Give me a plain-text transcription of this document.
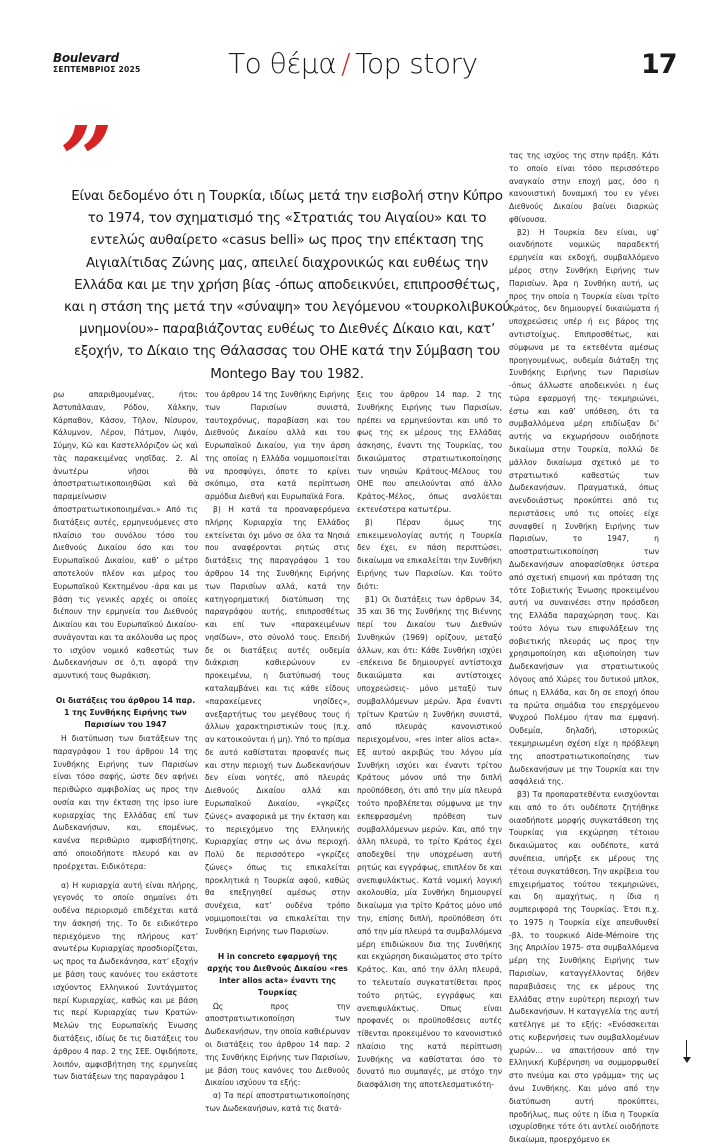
Boulevard
ΣΕΠΤΕΜΒΡΙΟΣ 2025	Το θέμα / Top story	17
”
Είναι δεδομένο ότι η Τουρκία, ιδίως μετά την εισβολή στην Κύπρο το 1974, τον σχηματισμό της «Στρατιάς του Αιγαίου» και το εντελώς αυθαίρετο «casus belli» ως προς την επέκταση της Αιγιαλίτιδας Ζώνης μας, απειλεί διαχρονικώς και ευθέως την Ελλάδα και με την χρήση βίας -όπως αποδεικνύει, επιπροσθέτως, και η στάση της μετά την «σύναψη» του λεγόμενου «τουρκολιβυκού μνημονίου»- παραβιάζοντας ευθέως το Διεθνές Δίκαιο και, κατ’ εξοχήν, το Δίκαιο της Θάλασσας του ΟΗΕ κατά την Σύμβαση του Montego Bay του 1982.

ρω απαριθμουμένας, ήτοι: Άστυπάλαιαν, Ρόδον, Χάλκην, Κάρπαθον, Κάσον, Τῆλον, Νίσυρον, Κάλυμνον, Λέρον, Πάτμον, Λιψόν, Σύμην, Κῶ και Καστελλόριζον ὡς καὶ τὰς παρακειμένας νησῖδας. 2. Αἱ ἀνωτέρω νῆσοι θὰ ἀποστρατιωτικοποιηθῶσι καὶ θὰ παραμείνωσιν ἀποστρατιωτικοποιημέναι.» Από τις διατάξεις αυτές, ερμηνευόμενες στο πλαίσιο του συνόλου τόσο του Διεθνούς Δικαίου όσο και του Ευρωπαϊκού Δικαίου, καθ’ ο μέτρο αποτελούν πλέον και μέρος του Ευρωπαϊκού Κεκτημένου -άρα και με βάση τις γενικές αρχές οι οποίες διέπουν την ερμηνεία του Διεθνούς Δικαίου και του Ευρωπαϊκού Δικαίου- συνάγονται και τα ακόλουθα ως προς το ισχύον νομικό καθεστώς των Δωδεκανήσων σε ό,τι αφορά την αμυντική τους θωράκιση.

Οι διατάξεις του άρθρου 14 παρ. 1 της Συνθήκης Ειρήνης των Παρισίων του 1947

Η διατύπωση των διατάξεων της παραγράφου 1 του άρθρου 14 της Συνθήκης Ειρήνης των Παρισίων είναι τόσο σαφής, ώστε δεν αφήνει περιθώριο αμφιβολίας ως προς την ουσία και την έκταση της ipso iure κυριαρχίας της Ελλάδας επί των Δωδεκανήσων, και, επομένως, κανένα περιθώριο αμφισβήτησης, από οποιοδήποτε πλευρό και αν προέρχεται. Ειδικότερα:

α) Η κυριαρχία αυτή είναι πλήρης, γεγονός το οποίο σημαίνει ότι ουδένα περιορισμό επιδέχεται κατά την άσκησή της. Το δε ειδικότερο περιεχόμενο της πλήρους κατ’ ανωτέρω Κυριαρχίας προσδιορίζεται, ως προς τα Δωδεκάνησα, κατ’ εξοχήν με βάση τους κανόνες του εκάστοτε ισχύοντος Ελληνικού Συντάγματος περί Κυριαρχίας, καθώς και με βάση τις περί Κυριαρχίας των Κρατών-Μελών της Ευρωπαϊκής Ένωσης διατάξεις, ιδίως δε τις διατάξεις του άρθρου 4 παρ. 2 της ΣΕΕ. Οψιδήποτε, λοιπόν, αμφισβήτηση της ερμηνείας των διατάξεων της παραγράφου 1

του άρθρου 14 της Συνθήκης Ειρήνης των Παρισίων συνιστά, ταυτοχρόνως, παραβίαση και του Διεθνούς Δικαίου αλλά και του Ευρωπαϊκού Δικαίου, για την άρση της οποίας η Ελλάδα νομιμοποιείται να προσφύγει, όποτε το κρίνει σκόπιμο, στα κατά περίπτωση αρμόδια Διεθνή και Ευρωπαϊκά Fora.

β) Η κατά τα προαναφερόμενα πλήρης Κυριαρχία της Ελλάδος εκτείνεται όχι μόνο σε όλα τα Νησιά που αναφέρονται ρητώς στις διατάξεις της παραγράφου 1 του άρθρου 14 της Συνθήκης Ειρήνης των Παρισίων αλλά, κατά την κατηγορηματική διατύπωση της παραγράφου αυτής, επιπροσθέτως και επί των «παρακειμένων νησίδων», στο σύνολό τους. Επειδή δε οι διατάξεις αυτές ουδεμία διάκριση καθιερώνουν εν προκειμένω, η διατύπωσή τους καταλαμβάνει και τις κάθε είδους «παρακείμενες νησίδες», ανεξαρτήτως του μεγέθους τους ή άλλων χαρακτηριστικών τους (π.χ. αν κατοικούνται ή μη). Υπό το πρίσμα δε αυτό καθίσταται προφανές πως και στην περιοχή των Δωδεκανήσων δεν είναι νοητές, από πλευράς Διεθνούς Δικαίου αλλά και Ευρωπαϊκού Δικαίου, «γκρίζες ζώνες» αναφορικά με την έκταση και το περιεχόμενο της Ελληνικής Κυριαρχίας στην ως άνω περιοχή. Πολύ δε περισσότερο «γκρίζες ζώνες» όπως τις επικαλείται προκλητικά η Τουρκία αφού, καθώς θα επεξηγηθεί αμέσως στην συνέχεια, κατ’ ουδένα τρόπο νομιμοποιείται να επικαλείται την Συνθήκη Ειρήνης των Παρισίων.

Η in concreto εφαρμογή της αρχής του Διεθνούς Δικαίου «res inter alios acta» έναντι της Τουρκίας

Ως προς την αποστρατιωτικοποίηση των Δωδεκανήσων, την οποία καθιέρωναν οι διατάξεις του άρθρου 14 παρ. 2 της Συνθήκης Ειρήνης των Παρισίων, με βάση τους κανόνες του Διεθνούς Δικαίου ισχύουν τα εξής:

α) Τα περί αποστρατιωτικοποίησης των Δωδεκανήσων, κατά τις διατά-

ξεις του άρθρου 14 παρ. 2 της Συνθήκης Ειρήνης των Παρισίων, πρέπει να ερμηνεύονται και υπό το φως της εκ μέρους της Ελλάδας άσκησης, έναντι της Τουρκίας, του δικαιώματος στρατιωτικοποίησης των νησιών Κράτους-Μέλους του ΟΗΕ που απειλούνται από άλλο Κράτος-Μέλος, όπως αναλύεται εκτενέστερα κατωτέρω.

β) Πέραν όμως της επικειμενολογίας αυτής η Τουρκία δεν έχει, εν πάση περιπτώσει, δικαίωμα να επικαλείται την Συνθήκη Ειρήνης των Παρισίων. Και τούτο διότι:

β1) Οι διατάξεις των άρθρων 34, 35 και 36 της Συνθήκης της Βιέννης περί του Δικαίου των Διεθνών Συνθηκών (1969) ορίζουν, μεταξύ άλλων, και ότι: Κάθε Συνθήκη ισχύει -επέκεινα δε δημιουργεί αντίστοιχα δικαιώματα και αντίστοιχες υποχρεώσεις- μόνο μεταξύ των συμβαλλόμενων μερών. Άρα έναντι τρίτων Κρατών η Συνθήκη συνιστά, από πλευράς κανονιστικού περιεχομένου, «res inter alios acta». Εξ αυτού ακριβώς του λόγου μία Συνθήκη ισχύει και έναντι τρίτου Κράτους μόνον υπό την διπλή προϋπόθεση, ότι από την μία πλευρά τούτο προβλέπεται σύμφωνα με την εκπεφρασμένη πρόθεση των συμβαλλόμενων μερών. Και, από την άλλη πλευρά, το τρίτο Κράτος έχει αποδεχθεί την υποχρέωση αυτή ρητώς και εγγράφως, επιπλέον δε και ανεπιφυλάκτως. Κατά νομική λογική ακολουθία, μία Συνθήκη δημιουργεί δικαίωμα για τρίτο Κράτος μόνο υπό την, επίσης διπλή, προϋπόθεση ότι από την μία πλευρά τα συμβαλλόμενα μέρη επιδιώκουν δια της Συνθήκης και εκχώρηση δικαιώματος στο τρίτο Κράτος. Και, από την άλλη πλευρά, το τελευταίο συγκατατίθεται προς τούτο ρητώς, εγγράφως και ανεπιφυλάκτως. Όπως είναι προφανές οι προϋποθέσεις αυτές τίθενται προκειμένου το κανονιστικό πλαίσιο της κατά περίπτωση Συνθήκης να καθίσταται όσο το δυνατό πιο συμπαγές, με στόχο την διασφάλιση της αποτελεσματικότη-

τας της ισχύος της στην πράξη. Κάτι το οποίο είναι τόσο περισσότερο αναγκαίο στην εποχή μας, όσο η κανονιστική δυναμική του εν γένει Διεθνούς Δικαίου βαίνει διαρκώς φθίνουσα.

β2) Η Τουρκία δεν είναι, υφ’ οιανδήποτε νομικώς παραδεκτή ερμηνεία και εκδοχή, συμβαλλόμενο μέρος στην Συνθήκη Ειρήνης των Παρισίων. Άρα η Συνθήκη αυτή, ως προς την οποία η Τουρκία είναι τρίτο Κράτος, δεν δημιουργεί δικαιώματα ή υποχρεώσεις υπέρ ή εις βάρος της αντιστοίχως. Επιπροσθέτως, και σύμφωνα με τα εκτεθέντα αμέσως προηγουμένως, ουδεμία διάταξη της Συνθήκης Ειρήνης των Παρισίων -όπως άλλωστε αποδεικνύει η έως τώρα εφαρμογή της- τεκμηριώνει, έστω και καθ’ υπόθεση, ότι τα συμβαλλόμενα μέρη επιδίωξαν δι’ αυτής να εκχωρήσουν οιοδήποτε δικαίωμα στην Τουρκία, πολλώ δε μάλλον δικαίωμα σχετικό με το στρατιωτικό καθεστώς των Δωδεκανήσων. Πραγματικά, όπως ανενδοιάστως προκύπτει από τις περιστάσεις υπό τις οποίες είχε συναφθεί η Συνθήκη Ειρήνης των Παρισίων, το 1947, η αποστρατιωτικοποίηση των Δωδεκανήσων αποφασίσθηκε ύστερα από σχετική επιμονή και πρόταση της τότε Σοβιετικής Ένωσης προκειμένου αυτή να συναινέσει στην πρόσδεση της Ελλάδα παραχώρηση τους. Και τούτο λόγω των επιφυλάξεων της σοβιετικής πλευράς ως προς την χρησιμοποίηση και αξιοποίηση των Δωδεκανήσων για στρατιωτικούς λόγους από Χώρες του δυτικού μπλοκ, όπως η Ελλάδα, και δη σε εποχή όπου τα πρώτα σημάδια του επερχόμενου Ψυχρού Πολέμου ήταν πια εμφανή. Ουδεμία, δηλαδή, ιστορικώς τεκμηριωμένη σχέση είχε η πρόβλεψη της αποστρατιωτικοποίησης των Δωδεκανήσων με την Τουρκία και την ασφάλειά της.

β3) Τα προπαρατεθέντα ενισχύονται και από το ότι ουδέποτε ζητήθηκε οιασδήποτε μορφής συγκατάθεση της Τουρκίας για εκχώρηση τέτοιου δικαιώματος και ουδέποτε, κατά συνέπεια, υπήρξε εκ μέρους της τέτοια συγκατάθεση. Την ακρίβεια του επιχειρήματος τούτου τεκμηριώνει, και δη αμαχήτως, η ίδια η συμπεριφορά της Τουρκίας. Έτσι π.χ. το 1975 η Τουρκία είχε απευθυνθεί -βλ. το τουρκικό Aide-Mémoire της 3ης Απριλίου 1975- στα συμβαλλόμενα μέρη της Συνθήκης Ειρήνης των Παρισίων, καταγγέλλοντας δήθεν παραβιάσεις της εκ μέρους της Ελλάδας στην ευρύτερη περιοχή των Δωδεκανήσων. Η καταγγελία της αυτή κατέληγε με το εξής: «Ενόσσκειται οτις κυβερνήσεις των συμβαλλομένων χωρών… να απαιτήσουν από την Ελληνική Κυβέρνηση να συμμορφωθεί στο πνεύμα και στο γράμμα» της ως άνω Συνθήκης. Και μόνο από την διατύπωση αυτή προκύπτει, προδήλως, πως ούτε η ίδια η Τουρκία ισχυρίσθηκε τότε ότι αντλεί οιοδήποτε δικαίωμα, προερχόμενο εκ
